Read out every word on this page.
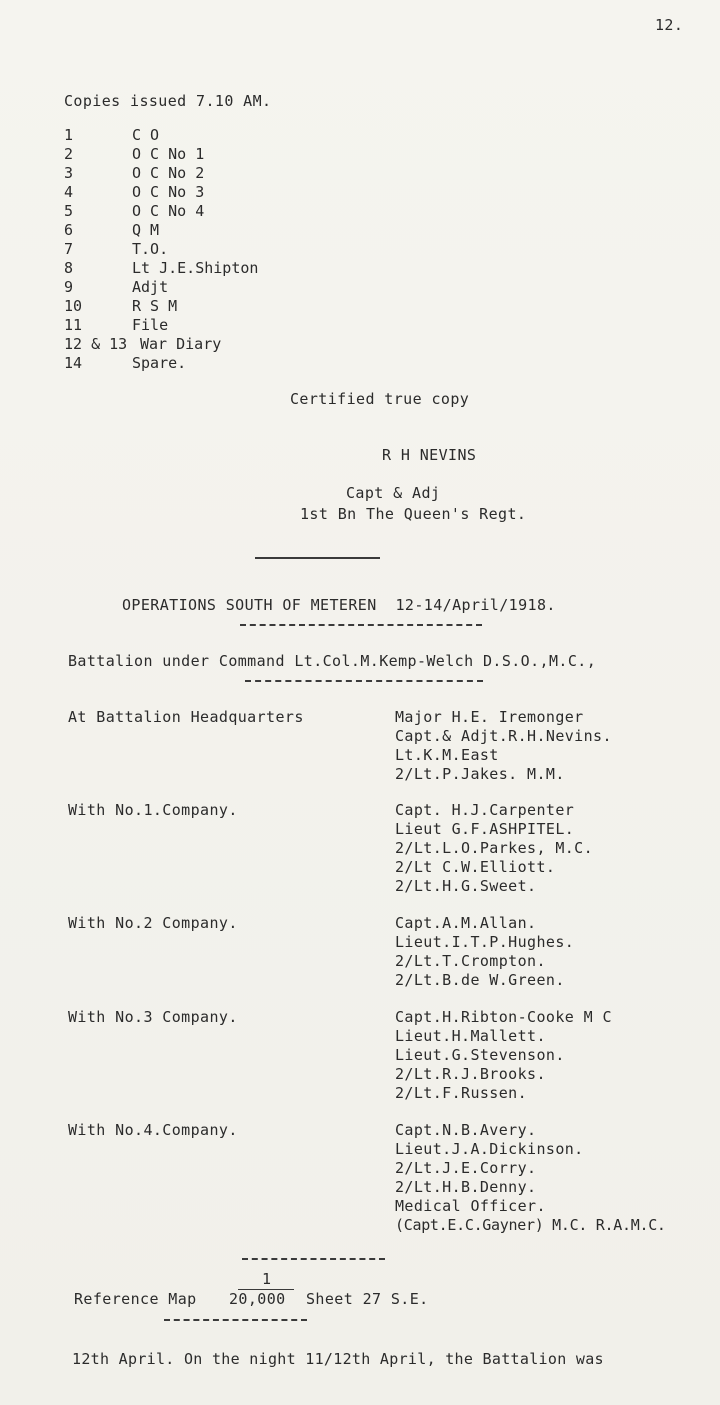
12.
Copies issued 7.10 AM.
1	C O
2	O C No 1
3	O C No 2
4	O C No 3
5	O C No 4
6	Q M
7	T.O.
8	Lt J.E.Shipton
9	Adjt
10	R S M
11	File
12 & 13 War Diary
14	Spare.
Certified true copy
R H NEVINS
Capt & Adj
1st Bn The Queen's Regt.
OPERATIONS SOUTH OF METEREN  12-14/April/1918.
Battalion under Command Lt.Col.M.Kemp-Welch D.S.O.,M.C.,
At Battalion Headquarters	Major H.E. Iremonger
Capt.& Adjt.R.H.Nevins.
Lt.K.M.East
2/Lt.P.Jakes. M.M.
With No.1.Company.	Capt. H.J.Carpenter
Lieut G.F.ASHPITEL.
2/Lt.L.O.Parkes, M.C.
2/Lt C.W.Elliott.
2/Lt.H.G.Sweet.
With No.2 Company.	Capt.A.M.Allan.
Lieut.I.T.P.Hughes.
2/Lt.T.Crompton.
2/Lt.B.de W.Green.
With No.3 Company.	Capt.H.Ribton-Cooke M C
Lieut.H.Mallett.
Lieut.G.Stevenson.
2/Lt.R.J.Brooks.
2/Lt.F.Russen.
With No.4.Company.	Capt.N.B.Avery.
Lieut.J.A.Dickinson.
2/Lt.J.E.Corry.
2/Lt.H.B.Denny.
Medical Officer.
(Capt.E.C.Gayner) M.C. R.A.M.C.
Reference Map
1
20,000 Sheet 27 S.E.
12th April. On the night 11/12th April, the Battalion was
